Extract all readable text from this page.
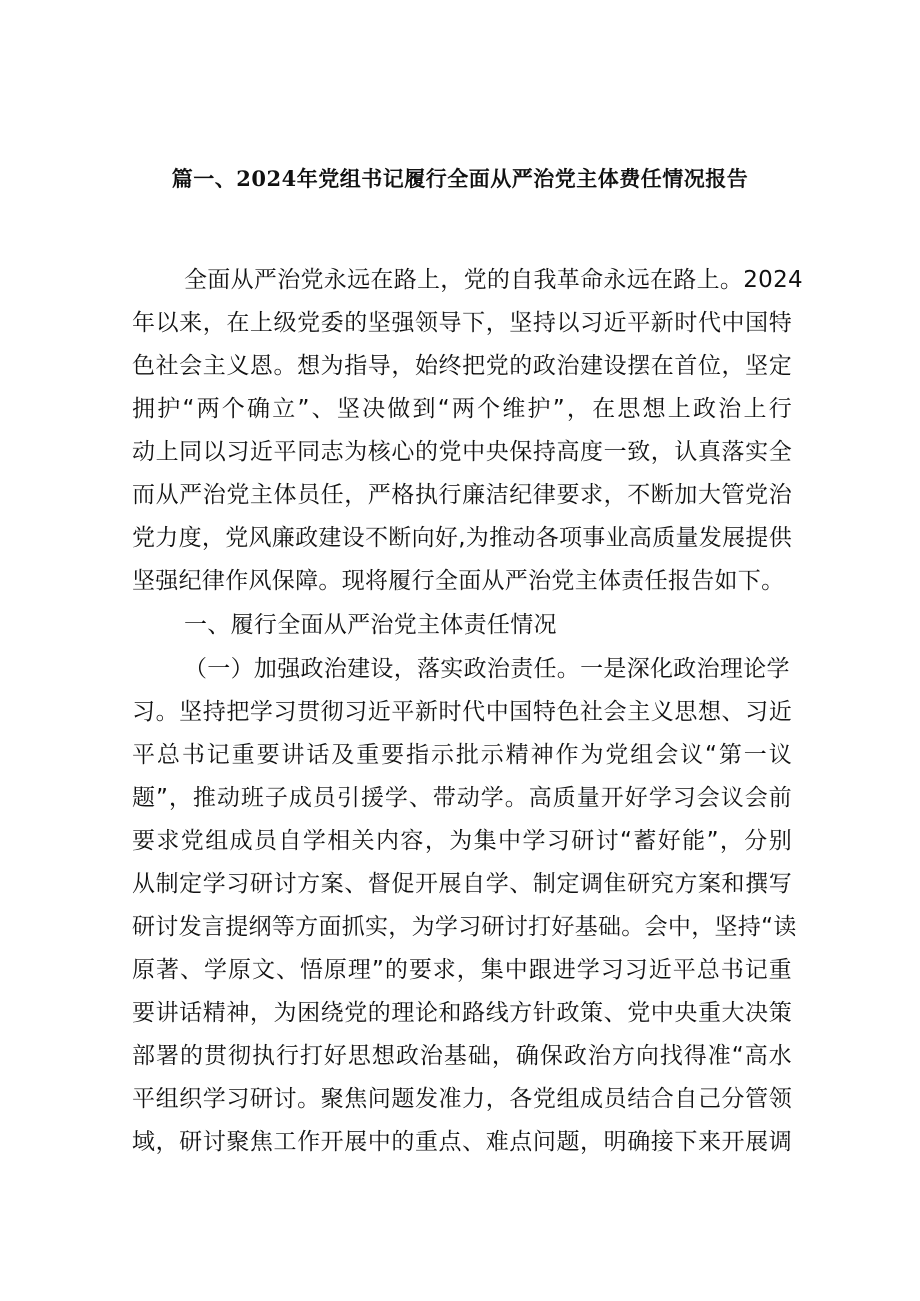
篇一、2024年党组书记履行全面从严治党主体费任情况报告
全面从严治党永远在路上，党的自我革命永远在路上。2024
年以来，在上级党委的坚强领导下，坚持以习近平新时代中国特
色社会主义恩。想为指导，始终把党的政治建设摆在首位，坚定
拥护“两个确立”、坚决做到“两个维护”，在思想上政治上行
动上同以习近平同志为核心的党中央保持高度一致，认真落实全
而从严治党主体员任，严格执行廉洁纪律要求，不断加大管党治
党力度，党风廉政建设不断向好,为推动各项事业高质量发展提供
坚强纪律作风保障。现将履行全面从严治党主体责任报告如下。
一、履行全面从严治党主体责任情况
（一）加强政治建设，落实政治责任。一是深化政治理论学
习。坚持把学习贯彻习近平新时代中国特色社会主义思想、习近
平总书记重要讲话及重要指示批示精神作为党组会议“第一议
题”，推动班子成员引援学、带动学。高质量开好学习会议会前
要求党组成员自学相关内容，为集中学习研讨“蓄好能”，分别
从制定学习研讨方案、督促开展自学、制定调隹研究方案和撰写
研讨发言提纲等方面抓实，为学习研讨打好基础。会中，坚持“读
原著、学原文、悟原理”的要求，集中跟进学习习近平总书记重
要讲话精神，为困绕党的理论和路线方针政策、党中央重大决策
部署的贯彻执行打好思想政治基础，确保政治方向找得准“高水
平组织学习研讨。聚焦问题发准力，各党组成员结合自己分管领
域，研讨聚焦工作开展中的重点、难点问题，明确接下来开展调
